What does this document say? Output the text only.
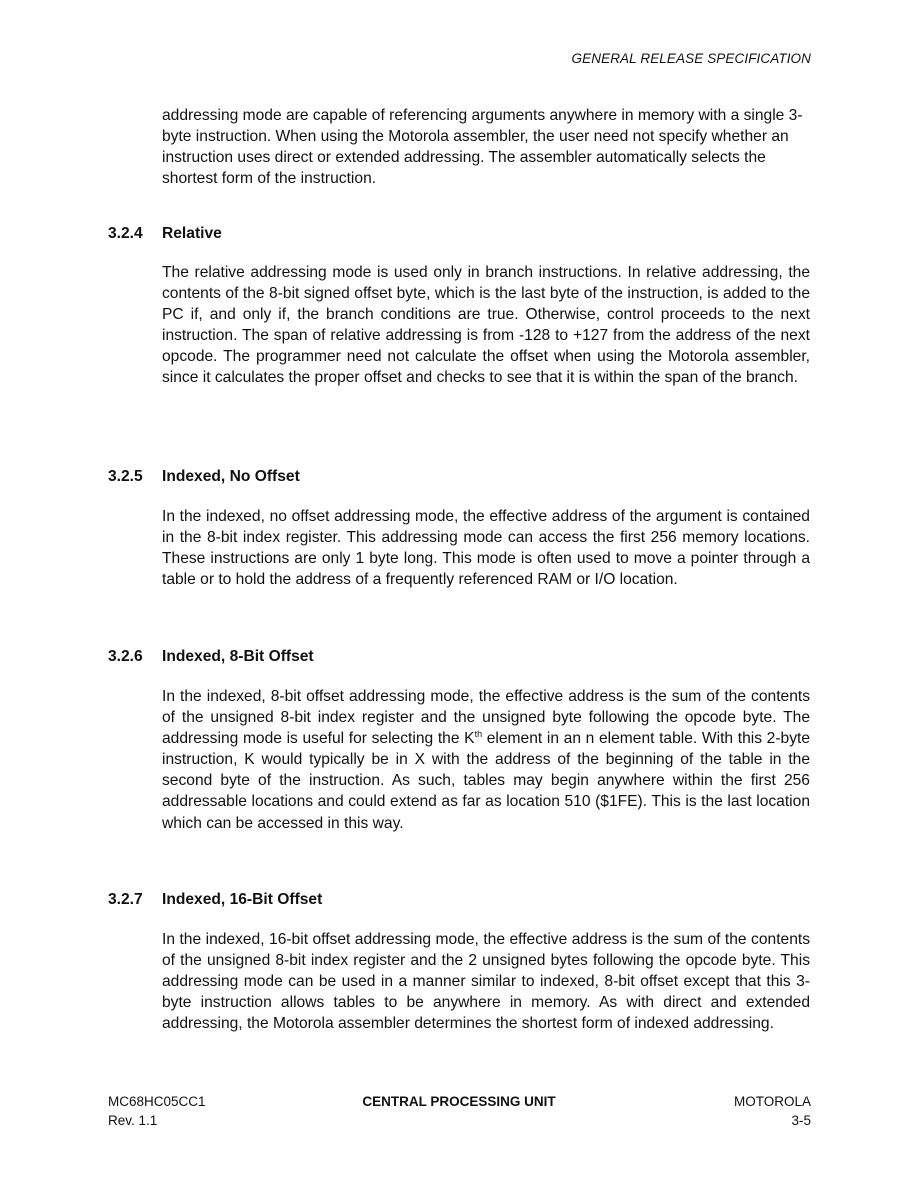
GENERAL RELEASE SPECIFICATION

addressing mode are capable of referencing arguments anywhere in memory with a single 3-byte instruction. When using the Motorola assembler, the user need not specify whether an instruction uses direct or extended addressing. The assembler automatically selects the shortest form of the instruction.

3.2.4 Relative

The relative addressing mode is used only in branch instructions. In relative addressing, the contents of the 8-bit signed offset byte, which is the last byte of the instruction, is added to the PC if, and only if, the branch conditions are true. Otherwise, control proceeds to the next instruction. The span of relative addressing is from -128 to +127 from the address of the next opcode. The programmer need not calculate the offset when using the Motorola assembler, since it calculates the proper offset and checks to see that it is within the span of the branch.

3.2.5 Indexed, No Offset

In the indexed, no offset addressing mode, the effective address of the argument is contained in the 8-bit index register. This addressing mode can access the first 256 memory locations. These instructions are only 1 byte long. This mode is often used to move a pointer through a table or to hold the address of a frequently referenced RAM or I/O location.

3.2.6 Indexed, 8-Bit Offset

In the indexed, 8-bit offset addressing mode, the effective address is the sum of the contents of the unsigned 8-bit index register and the unsigned byte following the opcode byte. The addressing mode is useful for selecting the $K^{th}$ element in an n element table. With this 2-byte instruction, K would typically be in X with the address of the beginning of the table in the second byte of the instruction. As such, tables may begin anywhere within the first 256 addressable locations and could extend as far as location 510 ($1FE). This is the last location which can be accessed in this way.

3.2.7 Indexed, 16-Bit Offset

In the indexed, 16-bit offset addressing mode, the effective address is the sum of the contents of the unsigned 8-bit index register and the 2 unsigned bytes following the opcode byte. This addressing mode can be used in a manner similar to indexed, 8-bit offset except that this 3-byte instruction allows tables to be anywhere in memory. As with direct and extended addressing, the Motorola assembler determines the shortest form of indexed addressing.

MC68HC05CC1
Rev. 1.1
CENTRAL PROCESSING UNIT	MOTOROLA
3-5
